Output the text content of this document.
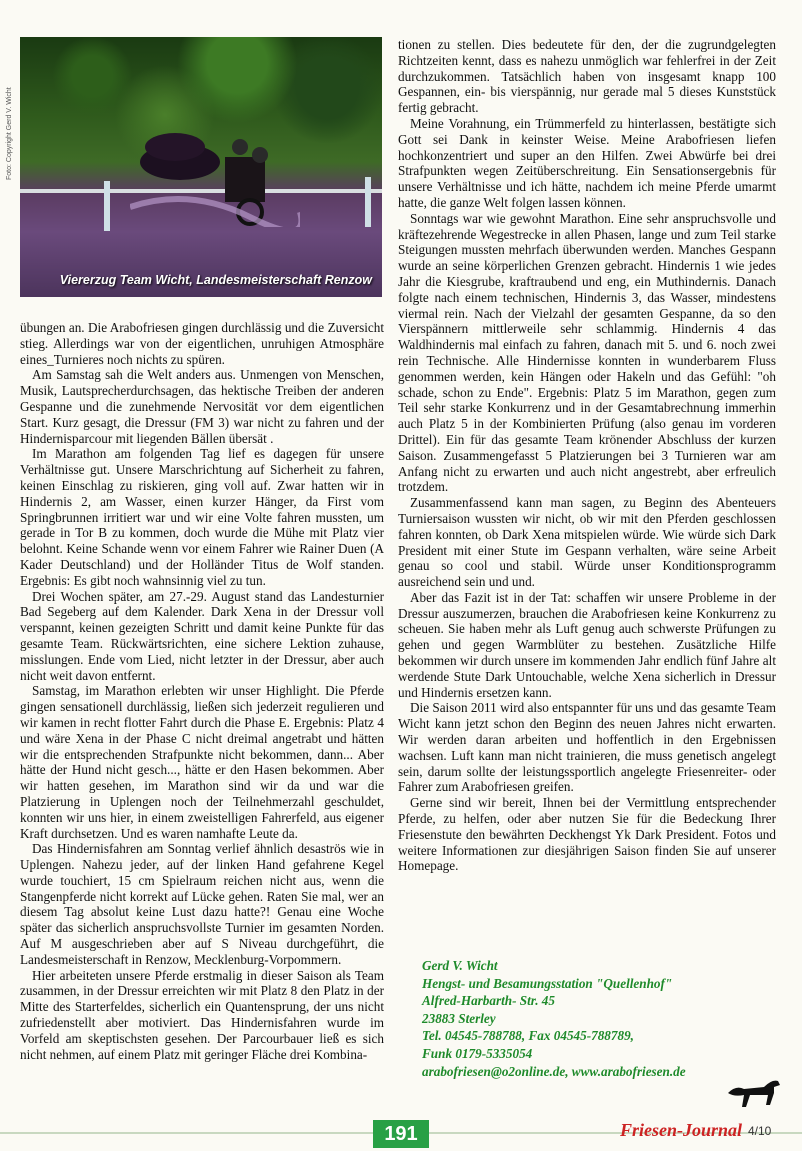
Viererzug Team Wicht, Landesmeisterschaft Renzow
Foto: Copyright Gerd V. Wicht

übungen an. Die Arabofriesen gingen durchlässig und die Zuversicht stieg. Allerdings war von der eigentlichen, unruhigen Atmosphäre eines_Turnieres noch nichts zu spüren.

Am Samstag sah die Welt anders aus. Unmengen von Menschen, Musik, Lautsprecherdurchsagen, das hektische Treiben der anderen Gespanne und die zunehmende Nervosität vor dem eigentlichen Start. Kurz gesagt, die Dressur (FM 3) war nicht zu fahren und der Hindernisparcour mit liegenden Bällen übersät .

Im Marathon am folgenden Tag lief es dagegen für unsere Verhältnisse gut. Unsere Marschrichtung auf Sicherheit zu fahren, keinen Einschlag zu riskieren, ging voll auf. Zwar hatten wir in Hindernis 2, am Wasser, einen kurzer Hänger, da First vom Springbrunnen irritiert war und wir eine Volte fahren mussten, um gerade in Tor B zu kommen, doch wurde die Mühe mit Platz vier belohnt. Keine Schande wenn vor einem Fahrer wie Rainer Duen (A Kader Deutschland) und der Holländer Titus de Wolf standen. Ergebnis: Es gibt noch wahnsinnig viel zu tun.

Drei Wochen später, am 27.-29. August stand das Landesturnier Bad Segeberg auf dem Kalender. Dark Xena in der Dressur voll verspannt, keinen gezeigten Schritt und damit keine Punkte für das gesamte Team. Rückwärtsrichten, eine sichere Lektion zuhause, misslungen. Ende vom Lied, nicht letzter in der Dressur, aber auch nicht weit davon entfernt.

Samstag, im Marathon erlebten wir unser Highlight. Die Pferde gingen sensationell durchlässig, ließen sich jederzeit regulieren und wir kamen in recht flotter Fahrt durch die Phase E. Ergebnis: Platz 4 und wäre Xena in der Phase C nicht dreimal angetrabt und hätten wir die entsprechenden Strafpunkte nicht bekommen, dann... Aber hätte der Hund nicht gesch..., hätte er den Hasen bekommen. Aber wir hatten gesehen, im Marathon sind wir da und war die Platzierung in Uplengen noch der Teilnehmerzahl geschuldet, konnten wir uns hier, in einem zweistelligen Fahrerfeld, aus eigener Kraft durchsetzen. Und es waren namhafte Leute da.

Das Hindernisfahren am Sonntag verlief ähnlich desaströs wie in Uplengen. Nahezu jeder, auf der linken Hand gefahrene Kegel wurde touchiert, 15 cm Spielraum reichen nicht aus, wenn die Stangenpferde nicht korrekt auf Lücke gehen. Raten Sie mal, wer an diesem Tag absolut keine Lust dazu hatte?! Genau eine Woche später das sicherlich anspruchsvollste Turnier im gesamten Norden. Auf M ausgeschrieben aber auf S Niveau durchgeführt, die Landesmeisterschaft in Renzow, Mecklenburg-Vorpommern.

Hier arbeiteten unsere Pferde erstmalig in dieser Saison als Team zusammen, in der Dressur erreichten wir mit Platz 8 den Platz in der Mitte des Starterfeldes, sicherlich ein Quantensprung, der uns nicht zufriedenstellt aber motiviert. Das Hindernisfahren wurde im Vorfeld am skeptischsten gesehen. Der Parcourbauer ließ es sich nicht nehmen, auf einem Platz mit geringer Fläche drei Kombina-

tionen zu stellen. Dies bedeutete für den, der die zugrundgelegten Richtzeiten kennt, dass es nahezu unmöglich war fehlerfrei in der Zeit durchzukommen. Tatsächlich haben von insgesamt knapp 100 Gespannen, ein- bis vierspännig, nur gerade mal 5 dieses Kunststück fertig gebracht.

Meine Vorahnung, ein Trümmerfeld zu hinterlassen, bestätigte sich Gott sei Dank in keinster Weise. Meine Arabofriesen liefen hochkonzentriert und super an den Hilfen. Zwei Abwürfe bei drei Strafpunkten wegen Zeitüberschreitung. Ein Sensationsergebnis für unsere Verhältnisse und ich hätte, nachdem ich meine Pferde umarmt hatte, die ganze Welt folgen lassen können.

Sonntags war wie gewohnt Marathon. Eine sehr anspruchsvolle und kräftezehrende Wegestrecke in allen Phasen, lange und zum Teil starke Steigungen mussten mehrfach überwunden werden. Manches Gespann wurde an seine körperlichen Grenzen gebracht. Hindernis 1 wie jedes Jahr die Kiesgrube, kraftraubend und eng, ein Muthindernis. Danach folgte nach einem technischen, Hindernis 3, das Wasser, mindestens viermal rein. Nach der Vielzahl der gesamten Gespanne, da so den Vierspännern mittlerweile sehr schlammig. Hindernis 4 das Waldhindernis mal einfach zu fahren, danach mit 5. und 6. noch zwei rein Technische. Alle Hindernisse konnten in wunderbarem Fluss genommen werden, kein Hängen oder Hakeln und das Gefühl: "oh schade, schon zu Ende". Ergebnis: Platz 5 im Marathon, gegen zum Teil sehr starke Konkurrenz und in der Gesamtabrechnung immerhin auch Platz 5 in der Kombinierten Prüfung (also genau im vorderen Drittel). Ein für das gesamte Team krönender Abschluss der kurzen Saison. Zusammengefasst 5 Platzierungen bei 3 Turnieren war am Anfang nicht zu erwarten und auch nicht angestrebt, aber erfreulich trotzdem.

Zusammenfassend kann man sagen, zu Beginn des Abenteuers Turniersaison wussten wir nicht, ob wir mit den Pferden geschlossen fahren konnten, ob Dark Xena mitspielen würde. Wie würde sich Dark President mit einer Stute im Gespann verhalten, wäre seine Arbeit genau so cool und stabil. Würde unser Konditionsprogramm ausreichend sein und und.

Aber das Fazit ist in der Tat: schaffen wir unsere Probleme in der Dressur auszumerzen, brauchen die Arabofriesen keine Konkurrenz zu scheuen. Sie haben mehr als Luft genug auch schwerste Prüfungen zu gehen und gegen Warmblüter zu bestehen. Zusätzliche Hilfe bekommen wir durch unsere im kommenden Jahr endlich fünf Jahre alt werdende Stute Dark Untouchable, welche Xena sicherlich in Dressur und Hindernis ersetzen kann.

Die Saison 2011 wird also entspannter für uns und das gesamte Team Wicht kann jetzt schon den Beginn des neuen Jahres nicht erwarten. Wir werden daran arbeiten und hoffentlich in den Ergebnissen wachsen. Luft kann man nicht trainieren, die muss genetisch angelegt sein, darum sollte der leistungssportlich angelegte Friesenreiter- oder Fahrer zum Arabofriesen greifen.

Gerne sind wir bereit, Ihnen bei der Vermittlung entsprechender Pferde, zu helfen, oder aber nutzen Sie für die Bedeckung Ihrer Friesenstute den bewährten Deckhengst Yk Dark President. Fotos und weitere Informationen zur diesjährigen Saison finden Sie auf unserer Homepage.

Gerd V. Wicht
Hengst- und Besamungsstation "Quellenhof"
Alfred-Harbarth- Str. 45
23883 Sterley
Tel. 04545-788788, Fax 04545-788789,
Funk 0179-5335054
arabofriesen@o2online.de, www.arabofriesen.de
191	Friesen-Journal 4/10
